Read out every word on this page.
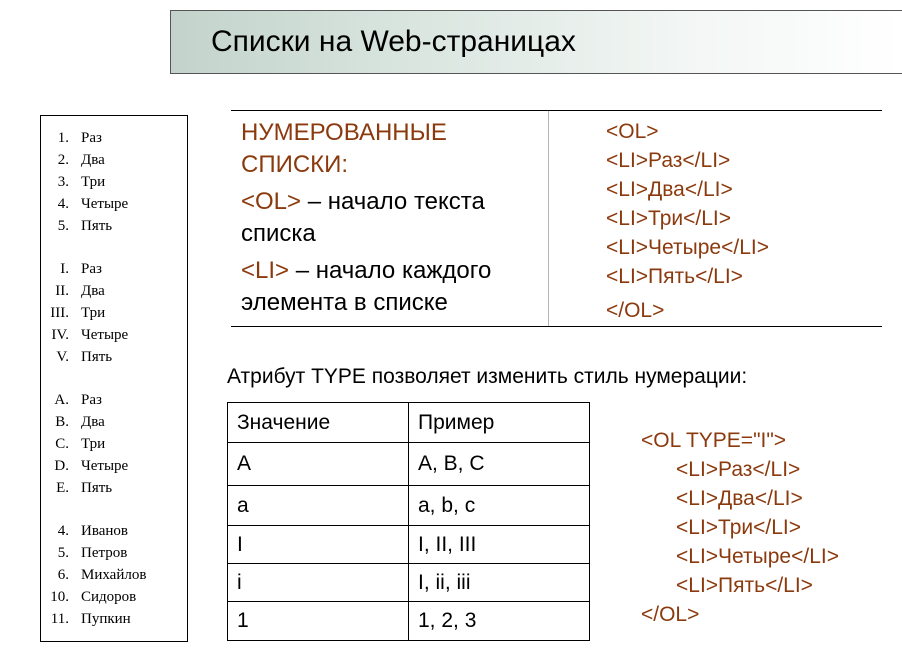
Списки на Web-страницах
1. Раз
2. Два
3. Три
4. Четыре
5. Пять
I. Раз
II. Два
III. Три
IV. Четыре
V. Пять
A. Раз
B. Два
C. Три
D. Четыре
E. Пять
4. Иванов
5. Петров
6. Михайлов
10. Сидоров
11. Пупкин

НУМЕРОВАННЫЕ СПИСКИ:

<OL> – начало текста списка

<LI> – начало каждого элемента в списке

<OL>
<LI>Раз</LI>
<LI>Два</LI>
<LI>Три</LI>
<LI>Четыре</LI>
<LI>Пять</LI>
</OL>
Атрибут TYPE позволяет изменить стиль нумерации:
Значение	Пример
A	A, B, C
a	a, b, c
I	I, II, III
i	I, ii, iii
1	1, 2, 3
<OL TYPE="I">
<LI>Раз</LI>
<LI>Два</LI>
<LI>Три</LI>
<LI>Четыре</LI>
<LI>Пять</LI>
</OL>
